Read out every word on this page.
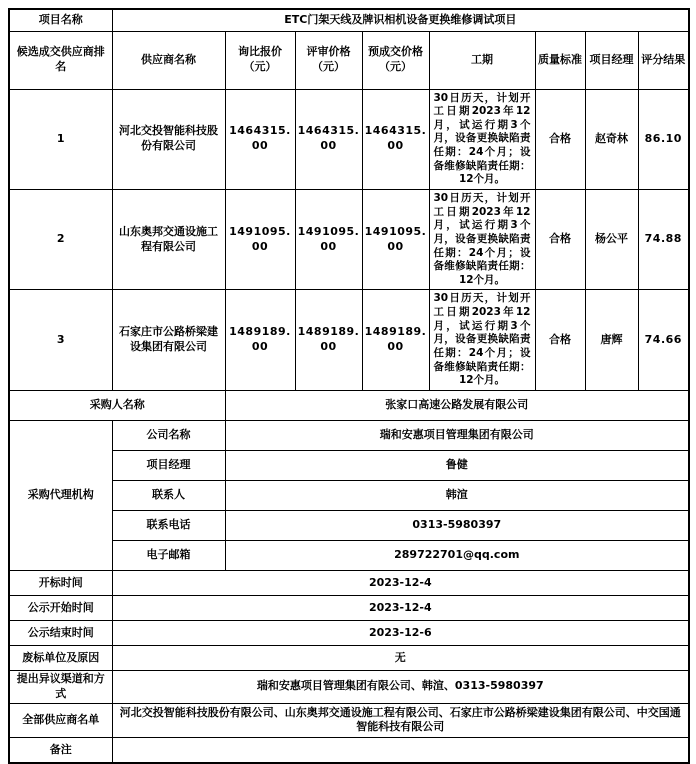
项目名称	ETC门架天线及牌识相机设备更换维修调试项目							
候选成交供应商排名	供应商名称	询比报价（元）	评审价格（元）	预成交价格（元）	工期	质量标准	项目经理	评分结果
1	河北交投智能科技股份有限公司	1464315.00	1464315.00	1464315.00	30日历天，计划开工日期2023年12月，试运行期3个月，设备更换缺陷责任期：24个月；设备维修缺陷责任期：12个月。	合格	赵奇林	86.10
2	山东奥邦交通设施工程有限公司	1491095.00	1491095.00	1491095.00	30日历天，计划开工日期2023年12月，试运行期3个月，设备更换缺陷责任期：24个月；设备维修缺陷责任期：12个月。	合格	杨公平	74.88
3	石家庄市公路桥梁建设集团有限公司	1489189.00	1489189.00	1489189.00	30日历天，计划开工日期2023年12月，试运行期3个月，设备更换缺陷责任期：24个月；设备维修缺陷责任期：12个月。	合格	唐辉	74.66
采购人名称		张家口高速公路发展有限公司						
采购代理机构	公司名称	瑞和安惠项目管理集团有限公司						
	项目经理	鲁健						
	联系人	韩渲						
	联系电话	0313-5980397						
	电子邮箱	289722701@qq.com						
开标时间	2023-12-4							
公示开始时间	2023-12-4							
公示结束时间	2023-12-6							
废标单位及原因	无							
提出异议渠道和方式	瑞和安惠项目管理集团有限公司、韩渲、0313-5980397							
全部供应商名单	河北交投智能科技股份有限公司、山东奥邦交通设施工程有限公司、石家庄市公路桥梁建设集团有限公司、中交国通智能科技有限公司							
备注								
